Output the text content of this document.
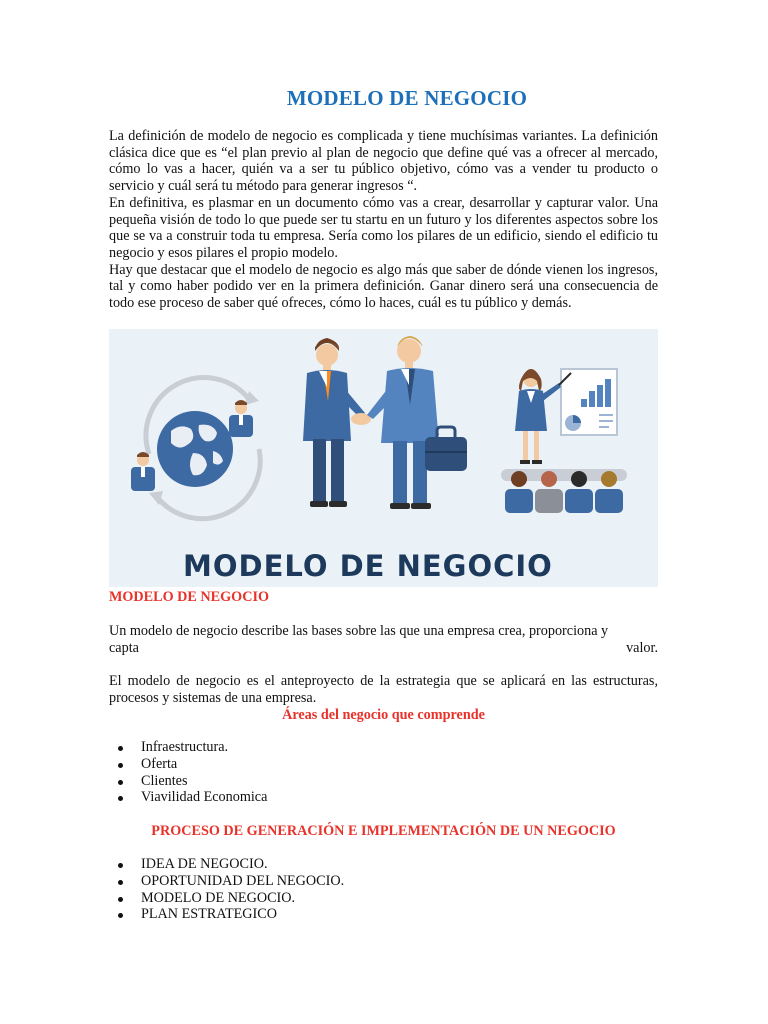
MODELO DE NEGOCIO

La definición de modelo de negocio es complicada y tiene muchísimas variantes. La definición clásica dice que es “el plan previo al plan de negocio que define qué vas a ofrecer al mercado, cómo lo vas a hacer, quién va a ser tu público objetivo, cómo vas a vender tu producto o servicio y cuál será tu método para generar ingresos “.

En definitiva, es plasmar en un documento cómo vas a crear, desarrollar y capturar valor. Una pequeña visión de todo lo que puede ser tu startu en un futuro y los diferentes aspectos sobre los que se va a construir toda tu empresa. Sería como los pilares de un edificio, siendo el edificio tu negocio y esos pilares el propio modelo.

Hay que destacar que el modelo de negocio es algo más que saber de dónde vienen los ingresos, tal y como haber podido ver en la primera definición. Ganar dinero será una consecuencia de todo ese proceso de saber qué ofreces, cómo lo haces, cuál es tu público y demás.

MODELO DE NEGOCIO
MODELO DE NEGOCIO

Un modelo de negocio describe las bases sobre las que una empresa crea, proporciona y

capta valor.

El modelo de negocio es el anteproyecto de la estrategia que se aplicará en las estructuras, procesos y sistemas de una empresa.

Áreas del negocio que comprende
Infraestructura.
Oferta
Clientes
Viavilidad Economica
PROCESO DE GENERACIÓN E IMPLEMENTACIÓN DE UN NEGOCIO
IDEA DE NEGOCIO.
OPORTUNIDAD DEL NEGOCIO.
MODELO DE NEGOCIO.
PLAN ESTRATEGICO
